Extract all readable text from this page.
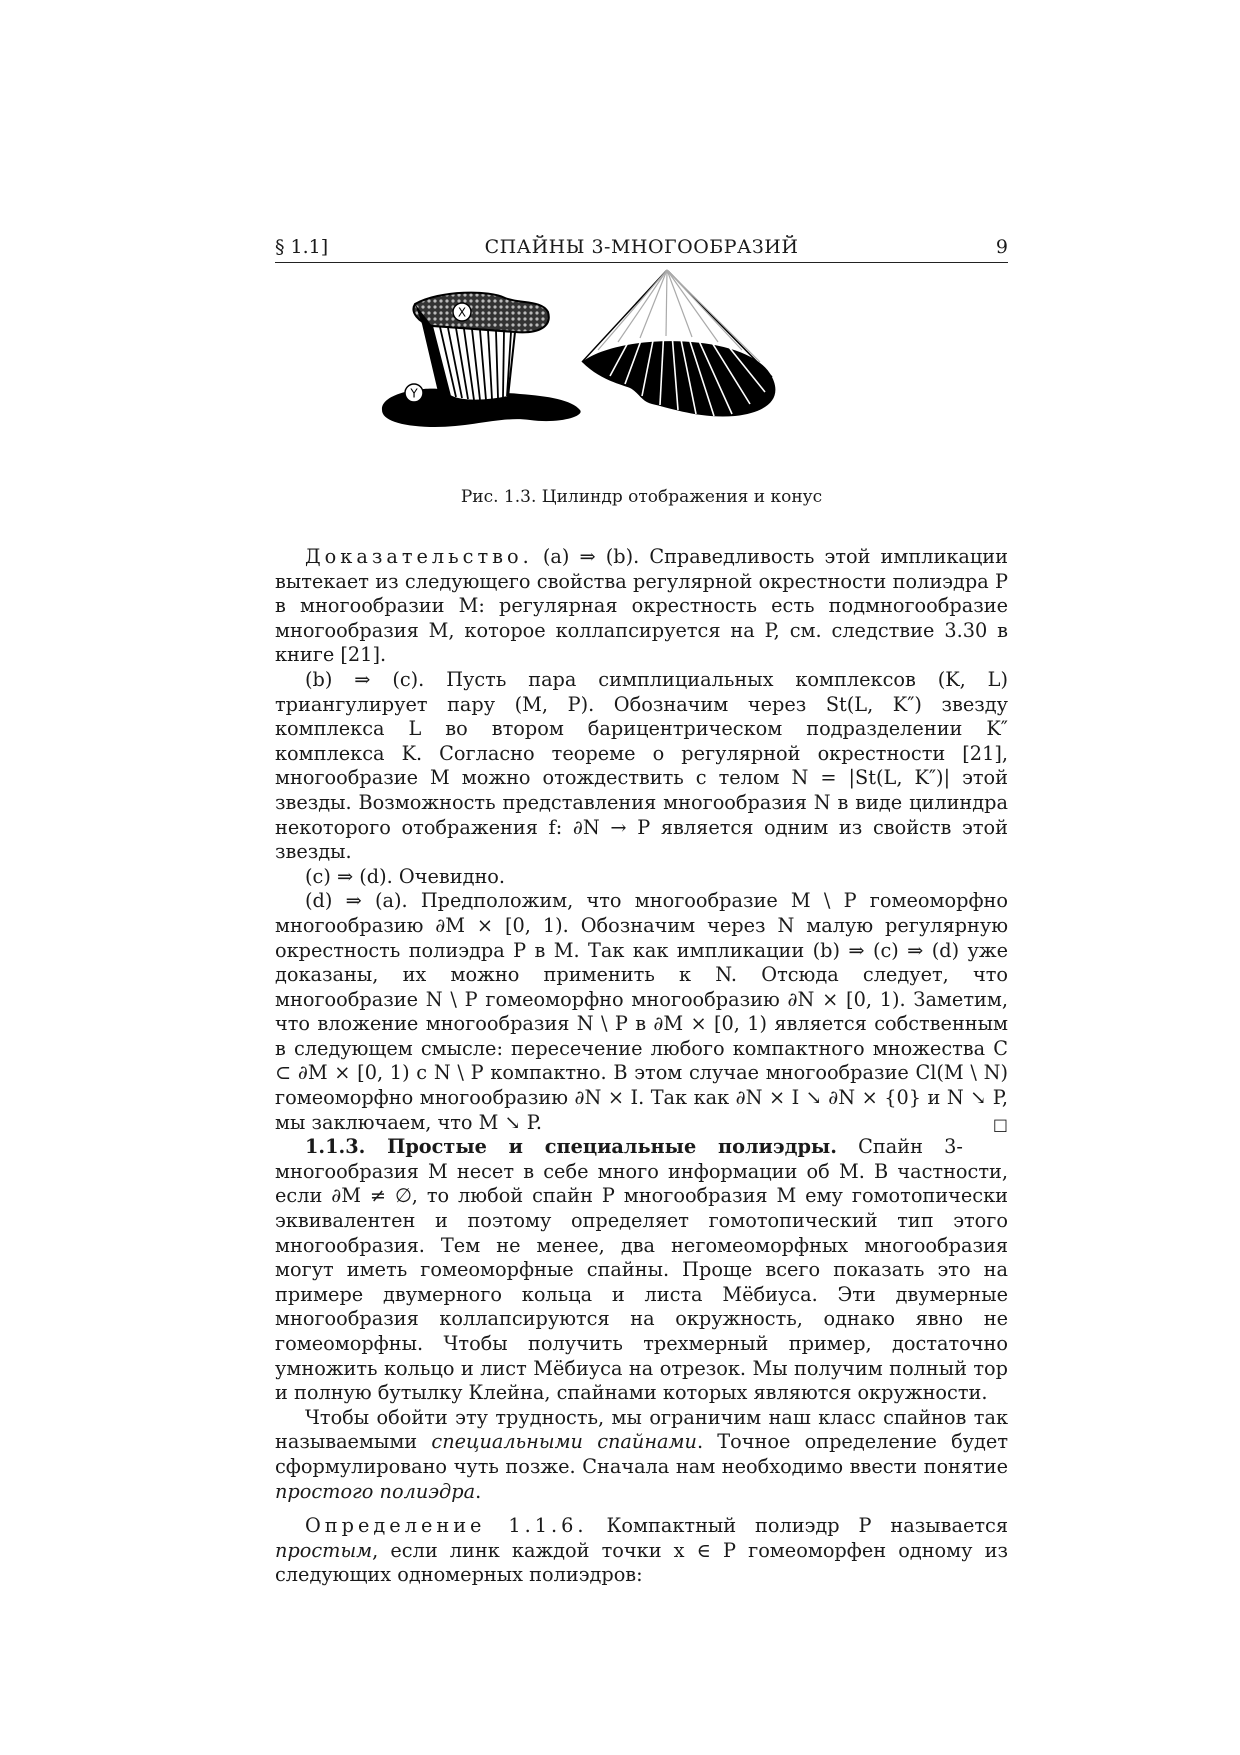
§ 1.1]	СПАЙНЫ 3-МНОГООБРАЗИЙ	9
X
Y
Рис. 1.3. Цилиндр отображения и конус

Доказательство. (a) ⇒ (b). Справедливость этой импликации вытекает из следующего свойства регулярной окрестности полиэдра P в многообразии M: регулярная окрестность есть подмногообразие многообразия M, которое коллапсируется на P, см. следствие 3.30 в книге [21].

(b) ⇒ (c). Пусть пара симплициальных комплексов (K, L) триангулирует пару (M, P). Обозначим через St(L, K″) звезду комплекса L во втором барицентрическом подразделении K″ комплекса K. Согласно теореме о регулярной окрестности [21], многообразие M можно отождествить с телом N = |St(L, K″)| этой звезды. Возможность представления многообразия N в виде цилиндра некоторого отображения f: ∂N → P является одним из свойств этой звезды.

(c) ⇒ (d). Очевидно.

(d) ⇒ (a). Предположим, что многообразие M \ P гомеоморфно многообразию ∂M × [0, 1). Обозначим через N малую регулярную окрестность полиэдра P в M. Так как импликации (b) ⇒ (c) ⇒ (d) уже доказаны, их можно применить к N. Отсюда следует, что многообразие N \ P гомеоморфно многообразию ∂N × [0, 1). Заметим, что вложение многообразия N \ P в ∂M × [0, 1) является собственным в следующем смысле: пересечение любого компактного множества C ⊂ ∂M × [0, 1) с N \ P компактно. В этом случае многообразие Cl(M \ N) гомеоморфно многообразию ∂N × I. Так как ∂N × I ↘ ∂N × {0} и N ↘ P, мы заключаем, что M ↘ P.	□

1.1.3. Простые и специальные полиэдры. Спайн 3-многообразия M несет в себе много информации об M. В частности, если ∂M ≠ ∅, то любой спайн P многообразия M ему гомотопически эквивалентен и поэтому определяет гомотопический тип этого многообразия. Тем не менее, два негомеоморфных многообразия могут иметь гомеоморфные спайны. Проще всего показать это на примере двумерного кольца и листа Мёбиуса. Эти двумерные многообразия коллапсируются на окружность, однако явно не гомеоморфны. Чтобы получить трехмерный пример, достаточно умножить кольцо и лист Мёбиуса на отрезок. Мы получим полный тор и полную бутылку Клейна, спайнами которых являются окружности.

Чтобы обойти эту трудность, мы ограничим наш класс спайнов так называемыми специальными спайнами. Точное определение будет сформулировано чуть позже. Сначала нам необходимо ввести понятие простого полиэдра.

Определение 1.1.6. Компактный полиэдр P называется простым, если линк каждой точки x ∈ P гомеоморфен одному из следующих одномерных полиэдров:
